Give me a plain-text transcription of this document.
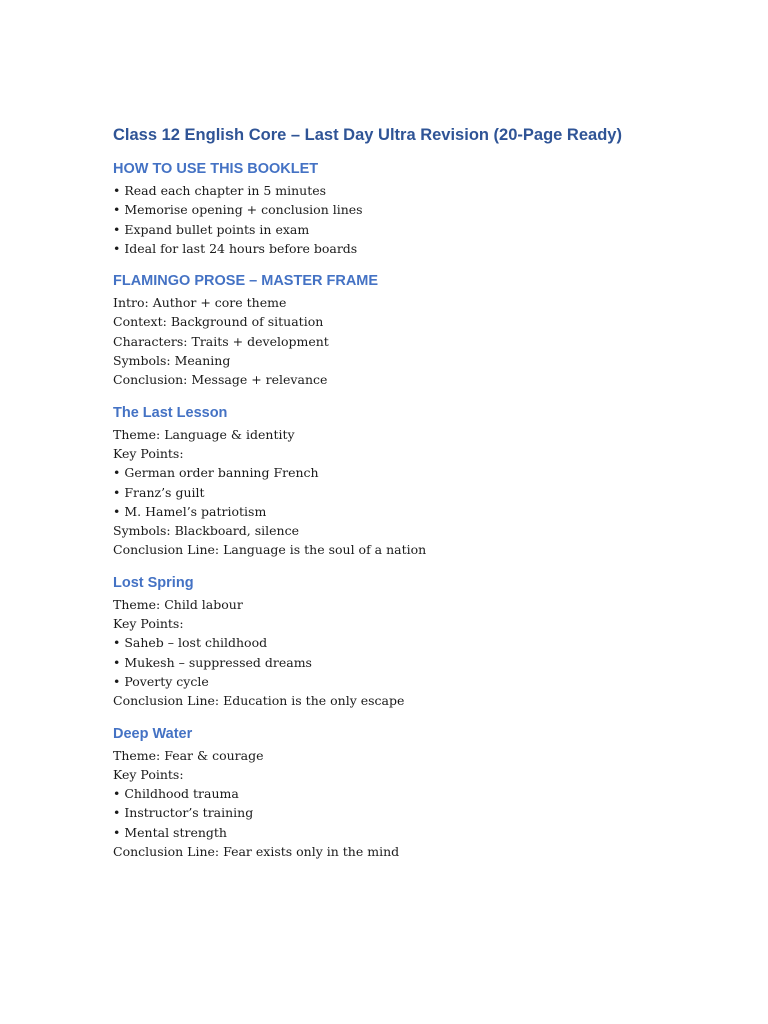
Class 12 English Core – Last Day Ultra Revision (20-Page Ready)
HOW TO USE THIS BOOKLET
• Read each chapter in 5 minutes
• Memorise opening + conclusion lines
• Expand bullet points in exam
• Ideal for last 24 hours before boards
FLAMINGO PROSE – MASTER FRAME
Intro: Author + core theme
Context: Background of situation
Characters: Traits + development
Symbols: Meaning
Conclusion: Message + relevance
The Last Lesson
Theme: Language & identity
Key Points:
• German order banning French
• Franz’s guilt
• M. Hamel’s patriotism
Symbols: Blackboard, silence
Conclusion Line: Language is the soul of a nation
Lost Spring
Theme: Child labour
Key Points:
• Saheb – lost childhood
• Mukesh – suppressed dreams
• Poverty cycle
Conclusion Line: Education is the only escape
Deep Water
Theme: Fear & courage
Key Points:
• Childhood trauma
• Instructor’s training
• Mental strength
Conclusion Line: Fear exists only in the mind
